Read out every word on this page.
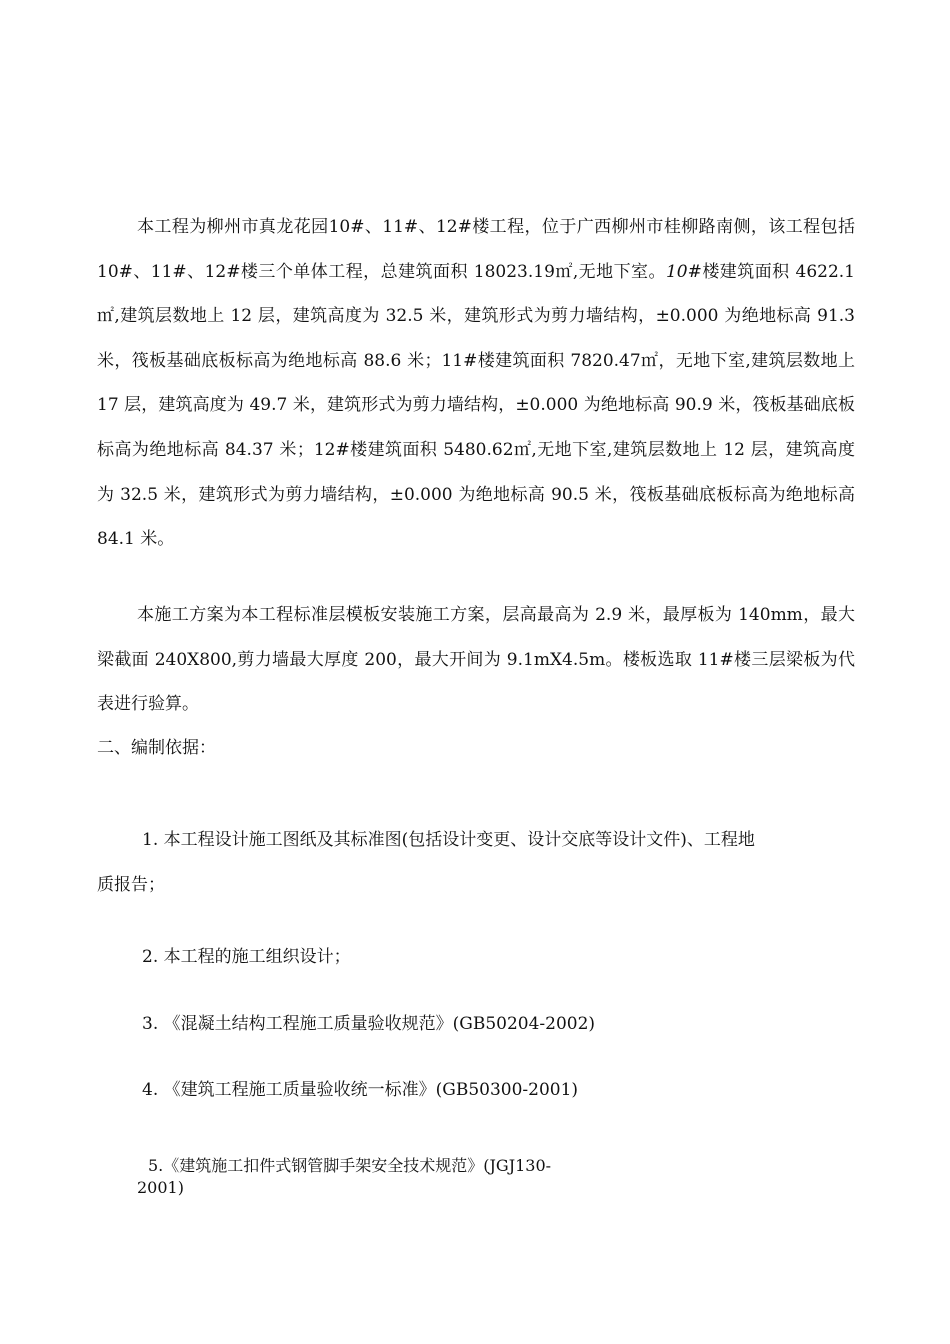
本工程为柳州市真龙花园10#、11#、12#楼工程，位于广西柳州市桂柳路南侧，该工程包括 10#、11#、12#楼三个单体工程，总建筑面积 18023.19㎡,无地下室。10#楼建筑面积 4622.1㎡,建筑层数地上 12 层，建筑高度为 32.5 米，建筑形式为剪力墙结构，±0.000 为绝地标高 91.3 米，筏板基础底板标高为绝地标高 88.6 米；11#楼建筑面积 7820.47㎡，无地下室,建筑层数地上 17 层，建筑高度为 49.7 米，建筑形式为剪力墙结构，±0.000 为绝地标高 90.9 米，筏板基础底板标高为绝地标高 84.37 米；12#楼建筑面积 5480.62㎡,无地下室,建筑层数地上 12 层，建筑高度为 32.5 米，建筑形式为剪力墙结构，±0.000 为绝地标高 90.5 米，筏板基础底板标高为绝地标高 84.1 米。

本施工方案为本工程标准层模板安装施工方案，层高最高为 2.9 米，最厚板为 140mm，最大梁截面 240X800,剪力墙最大厚度 200，最大开间为 9.1mX4.5m。楼板选取 11#楼三层梁板为代表进行验算。

二、编制依据：

1. 本工程设计施工图纸及其标准图(包括设计变更、设计交底等设计文件)、工程地
质报告；

2. 本工程的施工组织设计；

3. 《混凝土结构工程施工质量验收规范》(GB50204-2002)

4. 《建筑工程施工质量验收统一标准》(GB50300-2001)

5.《建筑施工扣件式钢管脚手架安全技术规范》(JGJ130-
2001)
